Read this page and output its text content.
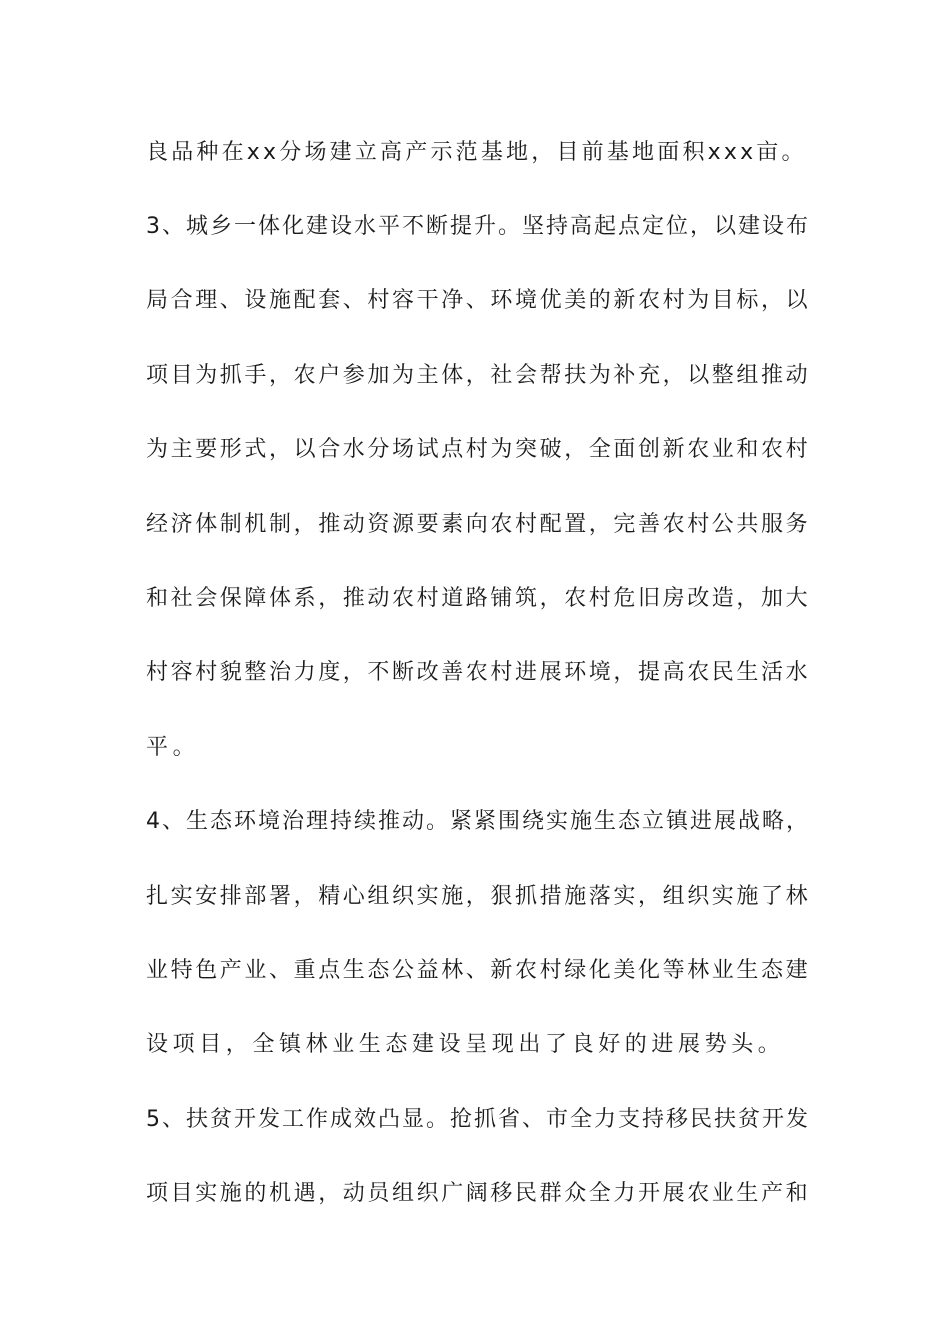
良品种在xx分场建立高产示范基地，目前基地面积xxx亩。
3、城乡一体化建设水平不断提升。坚持高起点定位，以建设布
局合理、设施配套、村容干净、环境优美的新农村为目标，以
项目为抓手，农户参加为主体，社会帮扶为补充，以整组推动
为主要形式，以合水分场试点村为突破，全面创新农业和农村
经济体制机制，推动资源要素向农村配置，完善农村公共服务
和社会保障体系，推动农村道路铺筑，农村危旧房改造，加大
村容村貌整治力度，不断改善农村进展环境，提高农民生活水
平。
4、生态环境治理持续推动。紧紧围绕实施生态立镇进展战略，
扎实安排部署，精心组织实施，狠抓措施落实，组织实施了林
业特色产业、重点生态公益林、新农村绿化美化等林业生态建
设项目，全镇林业生态建设呈现出了良好的进展势头。
5、扶贫开发工作成效凸显。抢抓省、市全力支持移民扶贫开发
项目实施的机遇，动员组织广阔移民群众全力开展农业生产和
